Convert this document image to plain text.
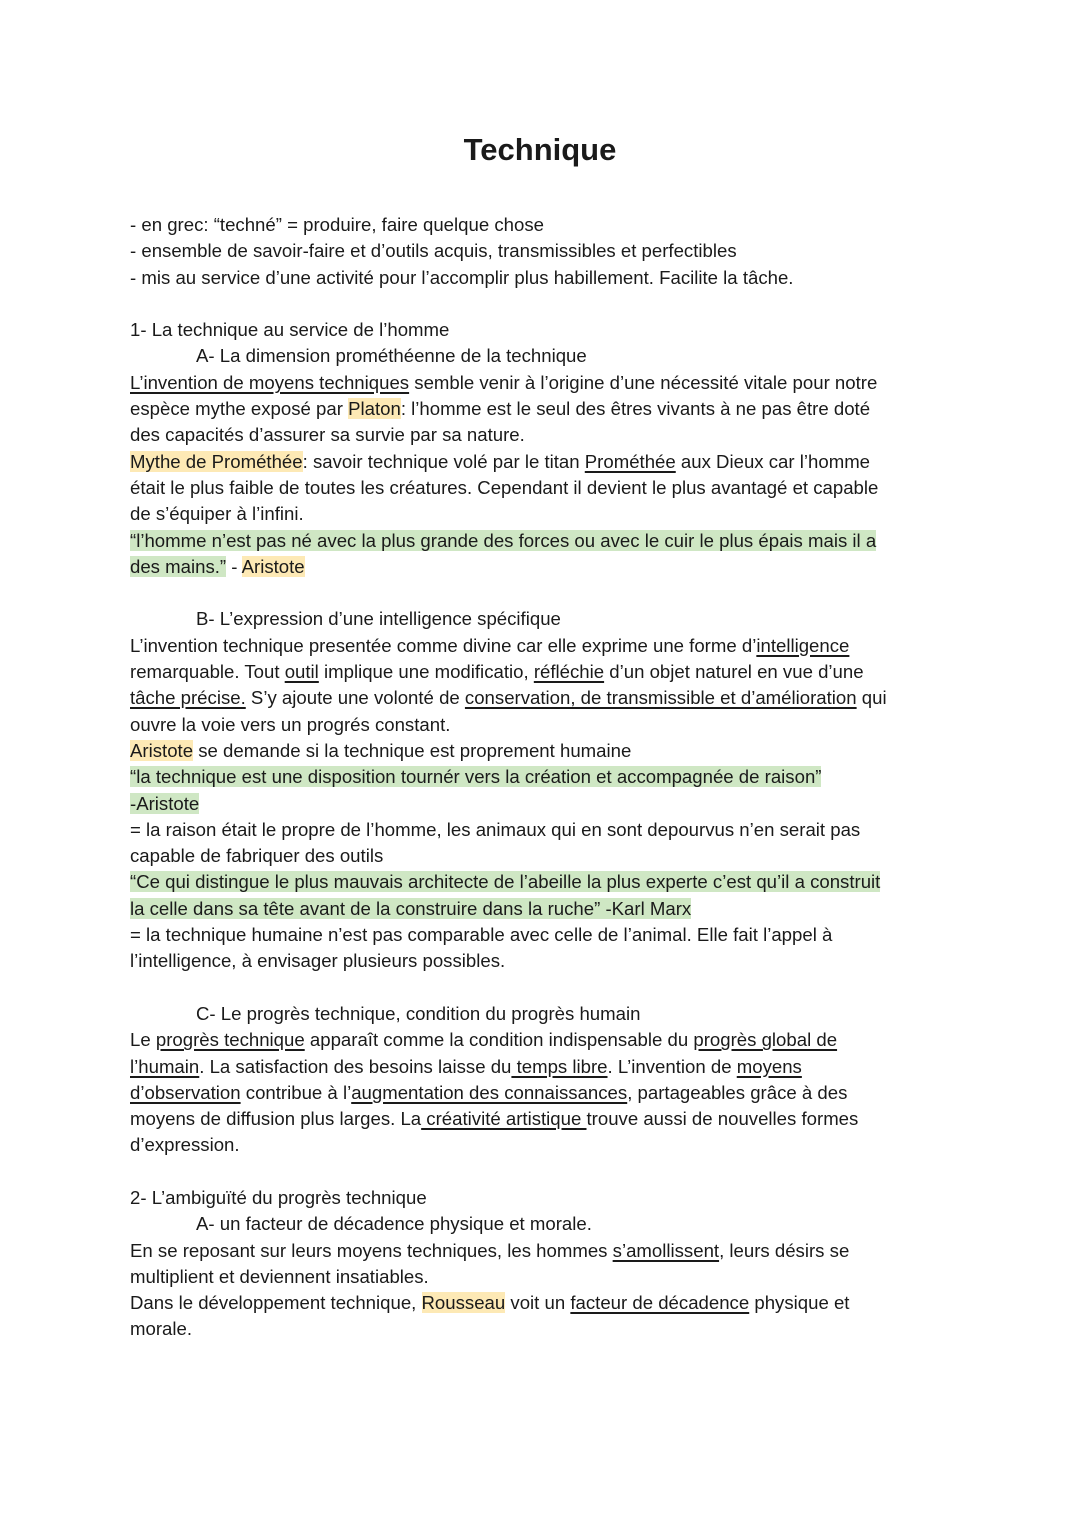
Technique
- en grec: “techné” = produire, faire quelque chose
- ensemble de savoir-faire et d’outils acquis, transmissibles et perfectibles
- mis au service d’une activité pour l’accomplir plus habillement. Facilite la tâche.
1- La technique au service de l’homme
A- La dimension prométhéenne de la technique
L’invention de moyens techniques semble venir à l’origine d’une nécessité vitale pour notre
espèce mythe exposé par Platon: l’homme est le seul des êtres vivants à ne pas être doté
des capacités d’assurer sa survie par sa nature.
Mythe de Prométhée: savoir technique volé par le titan Prométhée aux Dieux car l’homme
était le plus faible de toutes les créatures. Cependant il devient le plus avantagé et capable
de s’équiper à l’infini.
“l’homme n’est pas né avec la plus grande des forces ou avec le cuir le plus épais mais il a
des mains.” - Aristote
B- L’expression d’une intelligence spécifique
L’invention technique presentée comme divine car elle exprime une forme d’intelligence
remarquable. Tout outil implique une modificatio, réfléchie d’un objet naturel en vue d’une
tâche précise. S’y ajoute une volonté de conservation, de transmissible et d’amélioration qui
ouvre la voie vers un progrés constant.
Aristote se demande si la technique est proprement humaine
“la technique est une disposition tournér vers la création et accompagnée de raison”
-Aristote
= la raison était le propre de l’homme, les animaux qui en sont depourvus n’en serait pas
capable de fabriquer des outils
“Ce qui distingue le plus mauvais architecte de l’abeille la plus experte c’est qu’il a construit
la celle dans sa tête avant de la construire dans la ruche” -Karl Marx
= la technique humaine n’est pas comparable avec celle de l’animal. Elle fait l’appel à
l’intelligence, à envisager plusieurs possibles.
C- Le progrès technique, condition du progrès humain
Le progrès technique apparaît comme la condition indispensable du progrès global de
l’humain. La satisfaction des besoins laisse du temps libre. L’invention de moyens
d’observation contribue à l’augmentation des connaissances, partageables grâce à des
moyens de diffusion plus larges. La créativité artistique trouve aussi de nouvelles formes
d’expression.
2- L’ambiguïté du progrès technique
A- un facteur de décadence physique et morale.
En se reposant sur leurs moyens techniques, les hommes s’amollissent, leurs désirs se
multiplient et deviennent insatiables.
Dans le développement technique, Rousseau voit un facteur de décadence physique et
morale.
